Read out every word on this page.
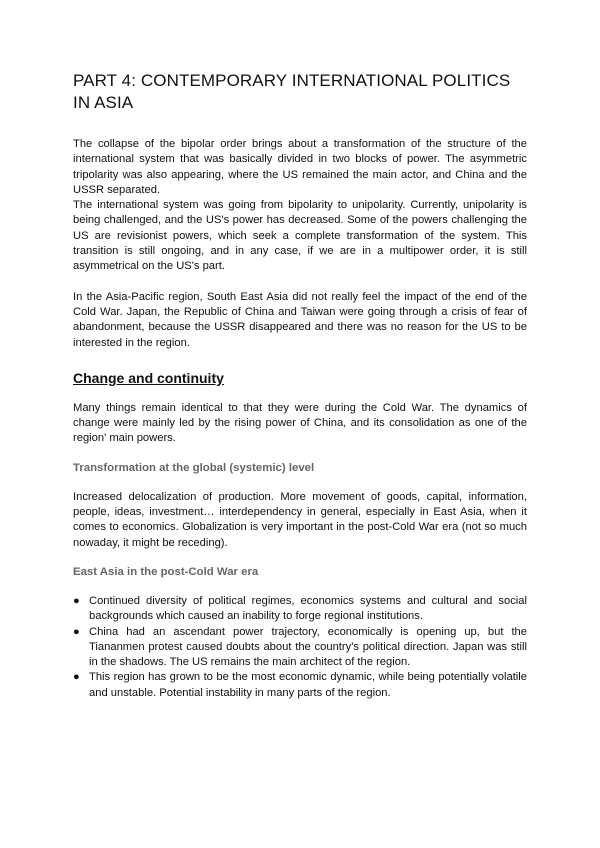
PART 4: CONTEMPORARY INTERNATIONAL POLITICS IN ASIA

The collapse of the bipolar order brings about a transformation of the structure of the international system that was basically divided in two blocks of power. The asymmetric tripolarity was also appearing, where the US remained the main actor, and China and the USSR separated.

The international system was going from bipolarity to unipolarity. Currently, unipolarity is being challenged, and the US's power has decreased. Some of the powers challenging the US are revisionist powers, which seek a complete transformation of the system. This transition is still ongoing, and in any case, if we are in a multipower order, it is still asymmetrical on the US's part.

In the Asia-Pacific region, South East Asia did not really feel the impact of the end of the Cold War. Japan, the Republic of China and Taiwan were going through a crisis of fear of abandonment, because the USSR disappeared and there was no reason for the US to be interested in the region.

Change and continuity

Many things remain identical to that they were during the Cold War. The dynamics of change were mainly led by the rising power of China, and its consolidation as one of the region' main powers.

Transformation at the global (systemic) level

Increased delocalization of production. More movement of goods, capital, information, people, ideas, investment… interdependency in general, especially in East Asia, when it comes to economics. Globalization is very important in the post-Cold War era (not so much nowaday, it might be receding).

East Asia in the post-Cold War era
● Continued diversity of political regimes, economics systems and cultural and social backgrounds which caused an inability to forge regional institutions.
● China had an ascendant power trajectory, economically is opening up, but the Tiananmen protest caused doubts about the country's political direction. Japan was still in the shadows. The US remains the main architect of the region.
● This region has grown to be the most economic dynamic, while being potentially volatile and unstable. Potential instability in many parts of the region.
